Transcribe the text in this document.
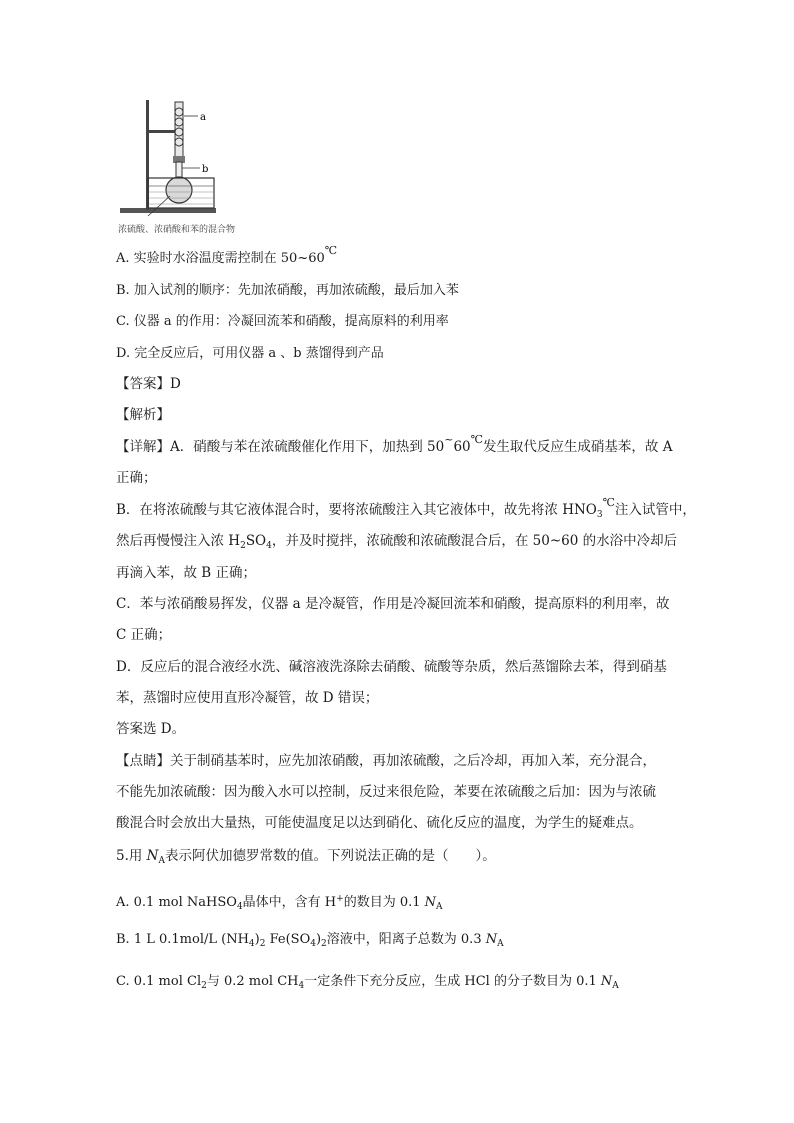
a
b
浓硫酸、浓硝酸和苯的混合物
A. 实验时水浴温度需控制在 50~60℃
B. 加入试剂的顺序：先加浓硝酸，再加浓硫酸，最后加入苯
C. 仪器 a 的作用：冷凝回流苯和硝酸，提高原料的利用率
D. 完全反应后，可用仪器 a 、b 蒸馏得到产品
【答案】D
【解析】
【详解】A．硝酸与苯在浓硫酸催化作用下，加热到 50~60℃发生取代反应生成硝基苯，故 A
正确；
B．在将浓硫酸与其它液体混合时，要将浓硫酸注入其它液体中，故先将浓 $HNO_3^℃$注入试管中，
然后再慢慢注入浓 $H_2SO_4$，并及时搅拌，浓硫酸和浓硫酸混合后，在 50~60 的水浴中冷却后
再滴入苯，故 B 正确；
C．苯与浓硝酸易挥发，仪器 a 是冷凝管，作用是冷凝回流苯和硝酸，提高原料的利用率，故
C 正确；
D．反应后的混合液经水洗、碱溶液洗涤除去硝酸、硫酸等杂质，然后蒸馏除去苯，得到硝基
苯，蒸馏时应使用直形冷凝管，故 D 错误；
答案选 D。
【点睛】关于制硝基苯时，应先加浓硝酸，再加浓硫酸，之后冷却，再加入苯，充分混合，
不能先加浓硫酸：因为酸入水可以控制，反过来很危险，苯要在浓硫酸之后加：因为与浓硫
酸混合时会放出大量热，可能使温度足以达到硝化、硫化反应的温度，为学生的疑难点。
5.用 $N_A$表示阿伏加德罗常数的值。下列说法正确的是（　　）。
A. 0.1 mol NaHSO$_4$晶体中，含有 H+的数目为 0.1 $N_A$
B. 1 L 0.1mol/L $(NH_4)_2$ $Fe(SO_4)_2$溶液中，阳离子总数为 0.3 $N_A$
C. 0.1 mol $Cl_2$与 0.2 mol $CH_4$一定条件下充分反应，生成 HCl 的分子数目为 0.1 $N_A$
